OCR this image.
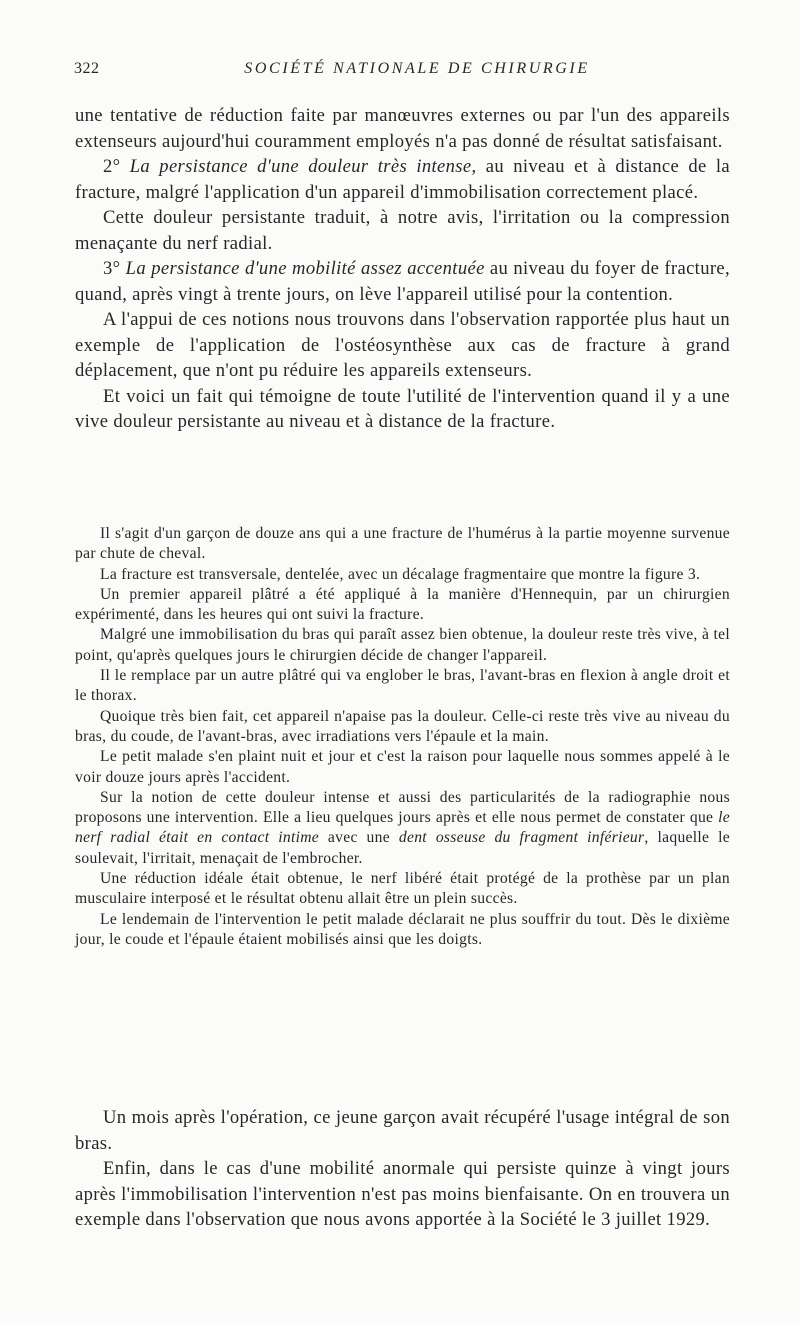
322	SOCIÉTÉ NATIONALE DE CHIRURGIE

une tentative de réduction faite par manœuvres externes ou par l'un des appareils extenseurs aujourd'hui couramment employés n'a pas donné de résultat satisfaisant.

2° La persistance d'une douleur très intense, au niveau et à distance de la fracture, malgré l'application d'un appareil d'immobilisation correctement placé.

Cette douleur persistante traduit, à notre avis, l'irritation ou la compression menaçante du nerf radial.

3° La persistance d'une mobilité assez accentuée au niveau du foyer de fracture, quand, après vingt à trente jours, on lève l'appareil utilisé pour la contention.

A l'appui de ces notions nous trouvons dans l'observation rapportée plus haut un exemple de l'application de l'ostéosynthèse aux cas de fracture à grand déplacement, que n'ont pu réduire les appareils extenseurs.

Et voici un fait qui témoigne de toute l'utilité de l'intervention quand il y a une vive douleur persistante au niveau et à distance de la fracture.

Il s'agit d'un garçon de douze ans qui a une fracture de l'humérus à la partie moyenne survenue par chute de cheval.

La fracture est transversale, dentelée, avec un décalage fragmentaire que montre la figure 3.

Un premier appareil plâtré a été appliqué à la manière d'Hennequin, par un chirurgien expérimenté, dans les heures qui ont suivi la fracture.

Malgré une immobilisation du bras qui paraît assez bien obtenue, la douleur reste très vive, à tel point, qu'après quelques jours le chirurgien décide de changer l'appareil.

Il le remplace par un autre plâtré qui va englober le bras, l'avant-bras en flexion à angle droit et le thorax.

Quoique très bien fait, cet appareil n'apaise pas la douleur. Celle-ci reste très vive au niveau du bras, du coude, de l'avant-bras, avec irradiations vers l'épaule et la main.

Le petit malade s'en plaint nuit et jour et c'est la raison pour laquelle nous sommes appelé à le voir douze jours après l'accident.

Sur la notion de cette douleur intense et aussi des particularités de la radiographie nous proposons une intervention. Elle a lieu quelques jours après et elle nous permet de constater que le nerf radial était en contact intime avec une dent osseuse du fragment inférieur, laquelle le soulevait, l'irritait, menaçait de l'embrocher.

Une réduction idéale était obtenue, le nerf libéré était protégé de la prothèse par un plan musculaire interposé et le résultat obtenu allait être un plein succès.

Le lendemain de l'intervention le petit malade déclarait ne plus souffrir du tout. Dès le dixième jour, le coude et l'épaule étaient mobilisés ainsi que les doigts.

Un mois après l'opération, ce jeune garçon avait récupéré l'usage intégral de son bras.

Enfin, dans le cas d'une mobilité anormale qui persiste quinze à vingt jours après l'immobilisation l'intervention n'est pas moins bienfaisante. On en trouvera un exemple dans l'observation que nous avons apportée à la Société le 3 juillet 1929.
